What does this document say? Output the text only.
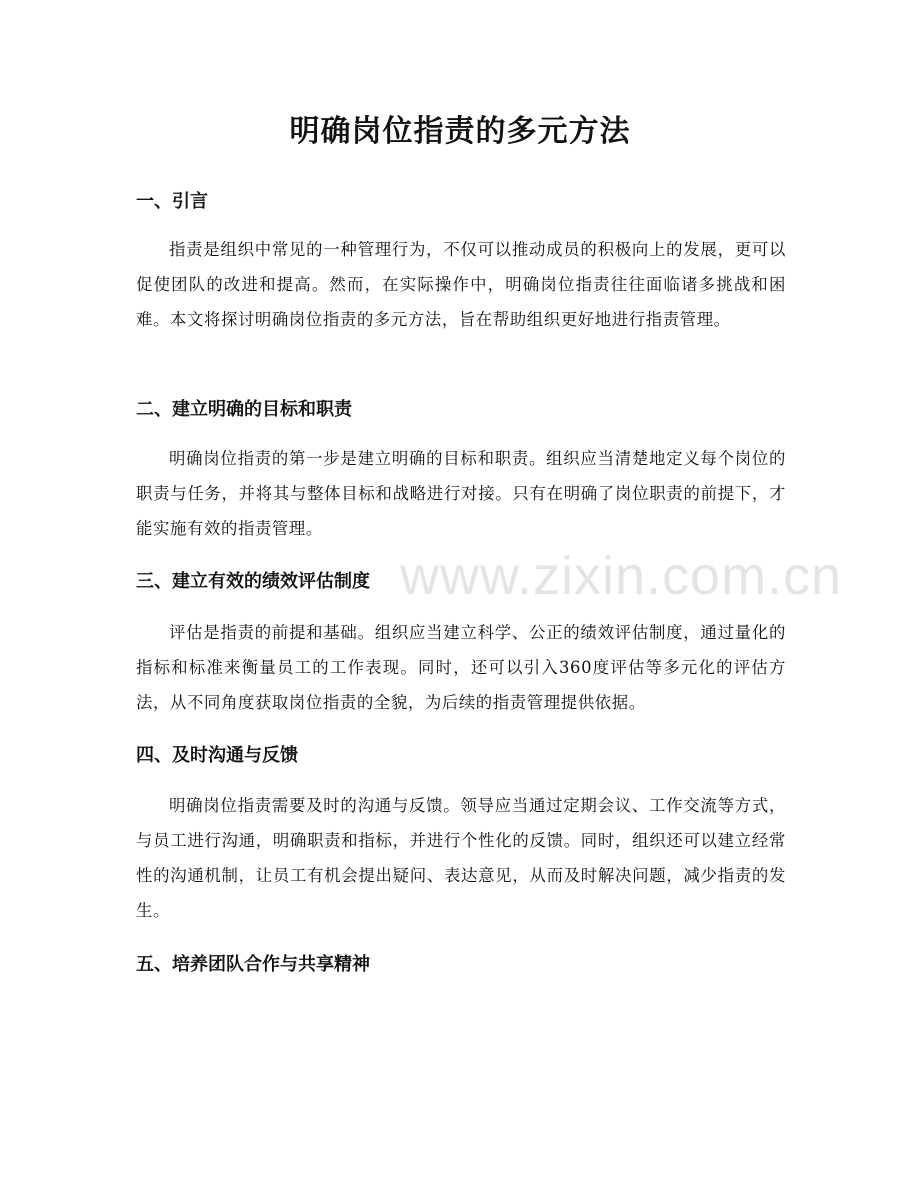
明确岗位指责的多元方法
一、引言

指责是组织中常见的一种管理行为，不仅可以推动成员的积极向上的发展，更可以促使团队的改进和提高。然而，在实际操作中，明确岗位指责往往面临诸多挑战和困难。本文将探讨明确岗位指责的多元方法，旨在帮助组织更好地进行指责管理。

二、建立明确的目标和职责

明确岗位指责的第一步是建立明确的目标和职责。组织应当清楚地定义每个岗位的职责与任务，并将其与整体目标和战略进行对接。只有在明确了岗位职责的前提下，才能实施有效的指责管理。

三、建立有效的绩效评估制度

评估是指责的前提和基础。组织应当建立科学、公正的绩效评估制度，通过量化的指标和标准来衡量员工的工作表现。同时，还可以引入360度评估等多元化的评估方法，从不同角度获取岗位指责的全貌，为后续的指责管理提供依据。

四、及时沟通与反馈

明确岗位指责需要及时的沟通与反馈。领导应当通过定期会议、工作交流等方式，与员工进行沟通，明确职责和指标，并进行个性化的反馈。同时，组织还可以建立经常性的沟通机制，让员工有机会提出疑问、表达意见，从而及时解决问题，减少指责的发生。

五、培养团队合作与共享精神
www.zixin.com.cn
